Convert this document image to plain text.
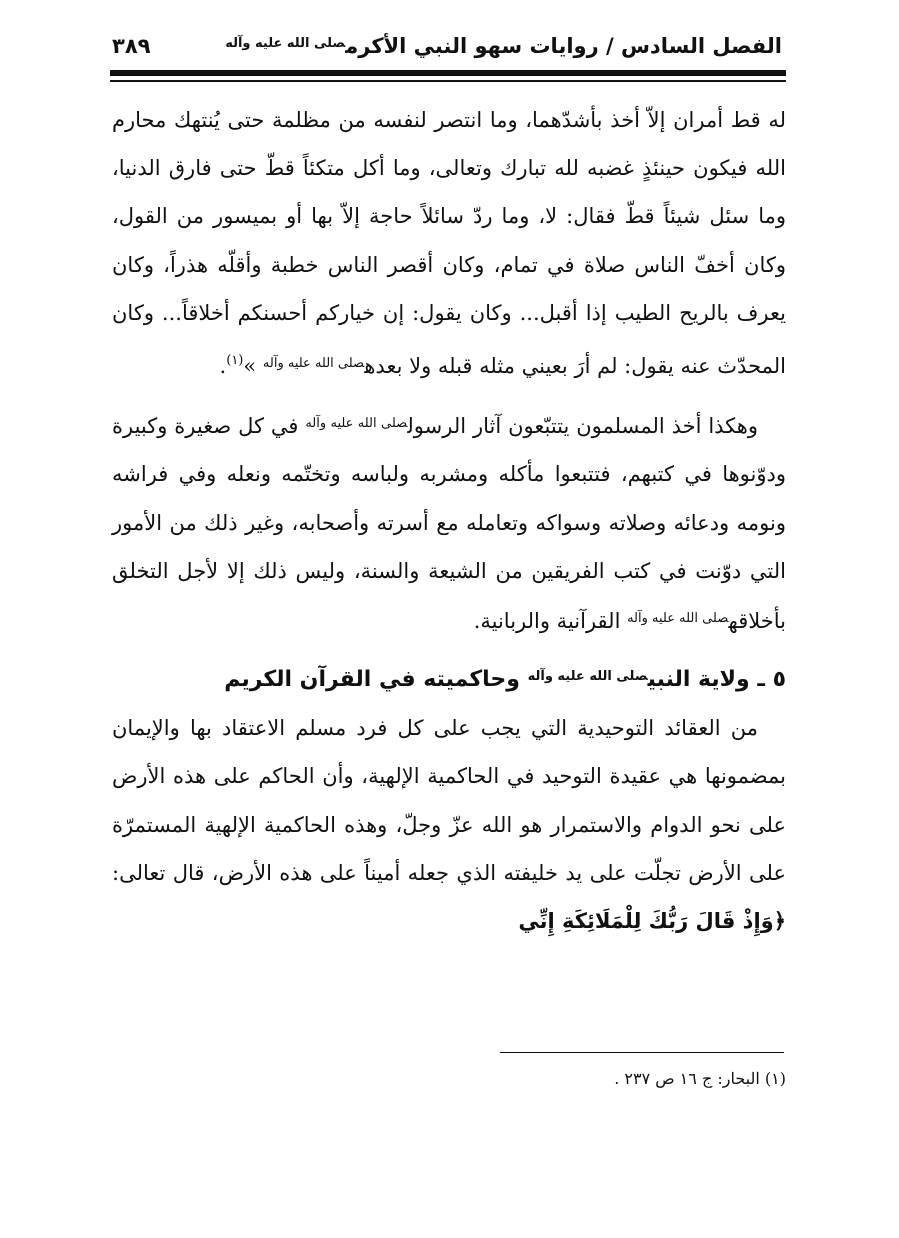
الفصل السادس / روايات سهو النبي الأكرم$^{صلى الله عليه وآله}$
٣٨٩

له قط أمران إلاّ أخذ بأشدّهما، وما انتصر لنفسه من مظلمة حتى يُنتهك محارم الله فيكون حينئذٍ غضبه لله تبارك وتعالى، وما أكل متكئاً قطّ حتى فارق الدنيا، وما سئل شيئاً قطّ فقال: لا، وما ردّ سائلاً حاجة إلاّ بها أو بميسور من القول، وكان أخفّ الناس صلاة في تمام، وكان أقصر الناس خطبة وأقلّه هذراً، وكان يعرف بالريح الطيب إذا أقبل... وكان يقول: إن خياركم أحسنكم أخلاقاً... وكان المحدّث عنه يقول: لم أرَ بعيني مثله قبله ولا بعده$^{صلى الله عليه وآله}$ »$^{(١)}$.

وهكذا أخذ المسلمون يتتبّعون آثار الرسول$^{صلى الله عليه وآله}$ في كل صغيرة وكبيرة ودوّنوها في كتبهم، فتتبعوا مأكله ومشربه ولباسه وتختّمه ونعله وفي فراشه ونومه ودعائه وصلاته وسواكه وتعامله مع أسرته وأصحابه، وغير ذلك من الأمور التي دوّنت في كتب الفريقين من الشيعة والسنة، وليس ذلك إلا لأجل التخلق بأخلاقه$^{صلى الله عليه وآله}$ القرآنية والربانية.

٥ ـ ولاية النبي$^{صلى الله عليه وآله}$ وحاكميته في القرآن الكريم

من العقائد التوحيدية التي يجب على كل فرد مسلم الاعتقاد بها والإيمان بمضمونها هي عقيدة التوحيد في الحاكمية الإلهية، وأن الحاكم على هذه الأرض على نحو الدوام والاستمرار هو الله عزّ وجلّ، وهذه الحاكمية الإلهية المستمرّة على الأرض تجلّت على يد خليفته الذي جعله أميناً على هذه الأرض، قال تعالى: ﴿وَإِذْ قَالَ رَبُّكَ لِلْمَلَائِكَةِ إِنِّي

(١) البحار: ج ١٦ ص ٢٣٧ .
